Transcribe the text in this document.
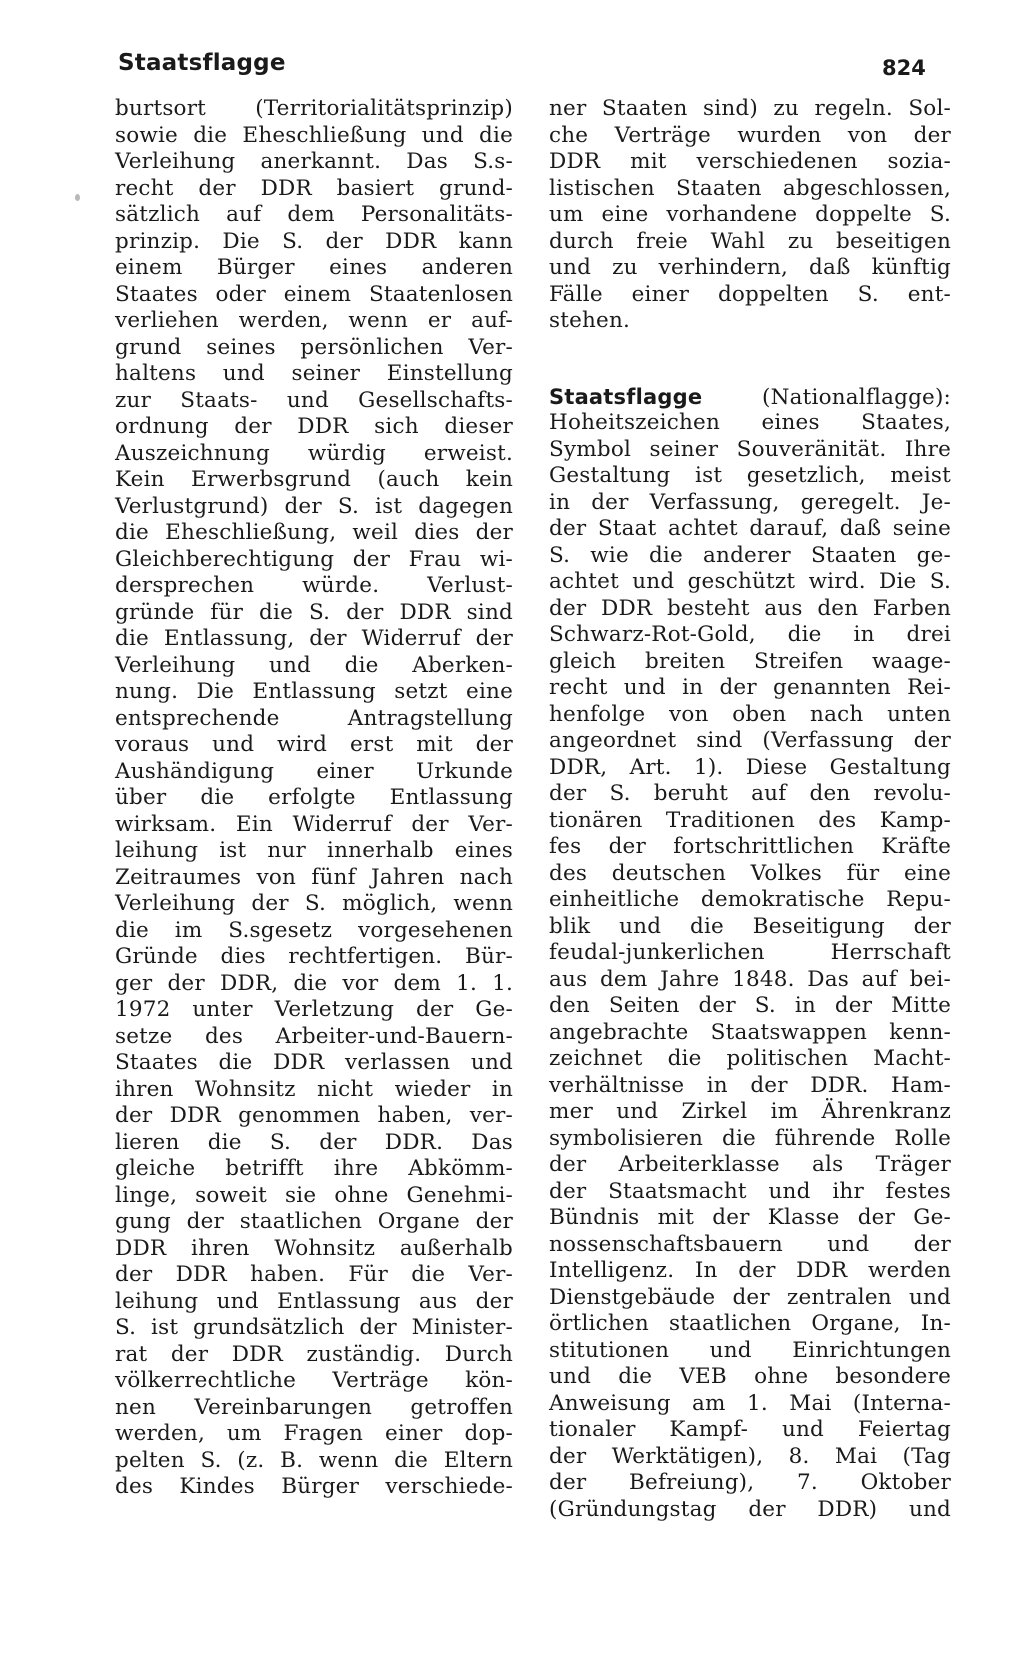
Staatsflagge	824
burtsort (Territorialitätsprinzip)
sowie die Eheschließung und die
Verleihung anerkannt. Das S.s-
recht der DDR basiert grund-
sätzlich auf dem Personalitäts-
prinzip. Die S. der DDR kann
einem Bürger eines anderen
Staates oder einem Staatenlosen
verliehen werden, wenn er auf-
grund seines persönlichen Ver-
haltens und seiner Einstellung
zur Staats- und Gesellschafts-
ordnung der DDR sich dieser
Auszeichnung würdig erweist.
Kein Erwerbsgrund (auch kein
Verlustgrund) der S. ist dagegen
die Eheschließung, weil dies der
Gleichberechtigung der Frau wi-
dersprechen würde. Verlust-
gründe für die S. der DDR sind
die Entlassung, der Widerruf der
Verleihung und die Aberken-
nung. Die Entlassung setzt eine
entsprechende Antragstellung
voraus und wird erst mit der
Aushändigung einer Urkunde
über die erfolgte Entlassung
wirksam. Ein Widerruf der Ver-
leihung ist nur innerhalb eines
Zeitraumes von fünf Jahren nach
Verleihung der S. möglich, wenn
die im S.sgesetz vorgesehenen
Gründe dies rechtfertigen. Bür-
ger der DDR, die vor dem 1. 1.
1972 unter Verletzung der Ge-
setze des Arbeiter-und-Bauern-
Staates die DDR verlassen und
ihren Wohnsitz nicht wieder in
der DDR genommen haben, ver-
lieren die S. der DDR. Das
gleiche betrifft ihre Abkömm-
linge, soweit sie ohne Genehmi-
gung der staatlichen Organe der
DDR ihren Wohnsitz außerhalb
der DDR haben. Für die Ver-
leihung und Entlassung aus der
S. ist grundsätzlich der Minister-
rat der DDR zuständig. Durch
völkerrechtliche Verträge kön-
nen Vereinbarungen getroffen
werden, um Fragen einer dop-
pelten S. (z. B. wenn die Eltern
des Kindes Bürger verschiede-
ner Staaten sind) zu regeln. Sol-
che Verträge wurden von der
DDR mit verschiedenen sozia-
listischen Staaten abgeschlossen,
um eine vorhandene doppelte S.
durch freie Wahl zu beseitigen
und zu verhindern, daß künftig
Fälle einer doppelten S. ent-
stehen.
Staatsflagge	(Nationalflagge):
Hoheitszeichen eines Staates,
Symbol seiner Souveränität. Ihre
Gestaltung ist gesetzlich, meist
in der Verfassung, geregelt. Je-
der Staat achtet darauf, daß seine
S. wie die anderer Staaten ge-
achtet und geschützt wird. Die S.
der DDR besteht aus den Farben
Schwarz-Rot-Gold, die in drei
gleich breiten Streifen waage-
recht und in der genannten Rei-
henfolge von oben nach unten
angeordnet sind (Verfassung der
DDR, Art. 1). Diese Gestaltung
der S. beruht auf den revolu-
tionären Traditionen des Kamp-
fes der fortschrittlichen Kräfte
des deutschen Volkes für eine
einheitliche demokratische Repu-
blik und die Beseitigung der
feudal-junkerlichen Herrschaft
aus dem Jahre 1848. Das auf bei-
den Seiten der S. in der Mitte
angebrachte Staatswappen kenn-
zeichnet die politischen Macht-
verhältnisse in der DDR. Ham-
mer und Zirkel im Ährenkranz
symbolisieren die führende Rolle
der Arbeiterklasse als Träger
der Staatsmacht und ihr festes
Bündnis mit der Klasse der Ge-
nossenschaftsbauern und der
Intelligenz. In der DDR werden
Dienstgebäude der zentralen und
örtlichen staatlichen Organe, In-
stitutionen und Einrichtungen
und die VEB ohne besondere
Anweisung am 1. Mai (Interna-
tionaler Kampf- und Feiertag
der Werktätigen), 8. Mai (Tag
der Befreiung), 7. Oktober
(Gründungstag der DDR) und
